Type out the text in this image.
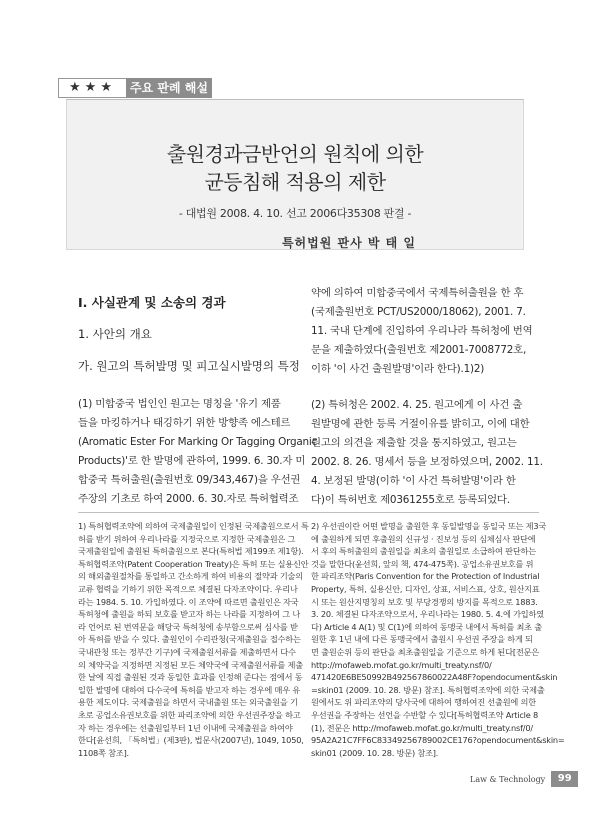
★★★	주요 판례 해설
출원경과금반언의 원칙에 의한
균등침해 적용의 제한
- 대법원 2008. 4. 10. 선고 2006다35308 판결 -
특허법원 판사 박 태 일
I. 사실관계 및 소송의 경과
1. 사안의 개요
가. 원고의 특허발명 및 피고실시발명의 특정
(1) 미합중국 법인인 원고는 명칭을 '유기 제품
들을 마킹하거나 태깅하기 위한 방향족 에스테르
(Aromatic Ester For Marking Or Tagging Organic
Products)'로 한 발명에 관하여, 1999. 6. 30.자 미
합중국 특허출원(출원번호 09/343,467)을 우선권
주장의 기초로 하여 2000. 6. 30.자로 특허협력조
약에 의하여 미합중국에서 국제특허출원을 한 후
(국제출원번호 PCT/US2000/18062), 2001. 7.
11. 국내 단계에 진입하여 우리나라 특허청에 번역
문을 제출하였다(출원번호 제2001-7008772호,
이하 '이 사건 출원발명'이라 한다).1)2)
(2) 특허청은 2002. 4. 25. 원고에게 이 사건 출
원발명에 관한 등록 거절이유를 밝히고, 이에 대한
원고의 의견을 제출할 것을 통지하였고, 원고는
2002. 8. 26. 명세서 등을 보정하였으며, 2002. 11.
4. 보정된 발명(이하 '이 사건 특허발명'이라 한
다)이 특허번호 제0361255호로 등록되었다.
1) 특허협력조약에 의하여 국제출원일이 인정된 국제출원으로서 특
허를 받기 위하여 우리나라를 지정국으로 지정한 국제출원은 그
국제출원일에 출원된 특허출원으로 본다(특허법 제199조 제1항).
특허협력조약(Patent Cooperation Treaty)은 특허 또는 실용신안
의 해외출원절차를 통일하고 간소하게 하여 비용의 절약과 기술의
교류 협력을 기하기 위한 목적으로 체결된 다자조약이다. 우리나
라는 1984. 5. 10. 가입하였다. 이 조약에 따르면 출원인은 자국
특허청에 출원을 하되 보호를 받고자 하는 나라를 지정하여 그 나
라 언어로 된 번역문을 해당국 특허청에 송부함으로써 심사를 받
아 특허를 받을 수 있다. 출원인이 수리관청(국제출원을 접수하는
국내관청 또는 정부간 기구)에 국제출원서류를 제출하면서 다수
의 체약국을 지정하면 지정된 모든 체약국에 국제출원서류를 제출
한 날에 직접 출원된 것과 동일한 효과를 인정해 준다는 점에서 동
일한 발명에 대하여 다수국에 특허를 받고자 하는 경우에 매우 유
용한 제도이다. 국제출원을 하면서 국내출원 또는 외국출원을 기
초로 공업소유권보호를 위한 파리조약에 의한 우선권주장을 하고
자 하는 경우에는 선출원일부터 1년 이내에 국제출원을 하여야
한다[윤선희, 「특허법」(제3판), 법문사(2007년), 1049, 1050,
1108쪽 참조].
2) 우선권이란 어떤 발명을 출원한 후 동일발명을 동일국 또는 제3국
에 출원하게 되면 후출원의 신규성 · 진보성 등의 심체심사 판단에
서 후의 특허출원의 출원일을 최초의 출원일로 소급하여 판단하는
것을 말한다(윤선희, 앞의 책, 474-475쪽). 공업소유권보호를 위
한 파리조약(Paris Convention for the Protection of Industrial
Property, 특허, 실용신안, 디자인, 상표, 서비스표, 상호, 원산지표
시 또는 원산지명칭의 보호 및 부당경쟁의 방지를 목적으로 1883.
3. 20. 체결된 다자조약으로서, 우리나라는 1980. 5. 4.에 가입하였
다) Article 4 A(1) 및 C(1)에 의하여 동맹국 내에서 특허를 최초 출
원한 후 1년 내에 다른 동맹국에서 출원시 우선권 주장을 하게 되
면 출원순위 등의 판단을 최초출원일을 기준으로 하게 된다[전문은
http://mofaweb.mofat.go.kr/multi_treaty.nsf/0/
471420E6BE50992B492567860022A48F?opendocument&skin
=skin01 (2009. 10. 28. 방문) 참조]. 특허협력조약에 의한 국제출
원에서도 위 파리조약의 당사국에 대하여 행하여진 선출원에 의한
우선권을 주장하는 선언을 수반할 수 있다[특허협력조약 Article 8
(1), 전문은 http://mofaweb.mofat.go.kr/multi_treaty.nsf/0/
95A2A21C7FF6C83349256789002CE176?opendocument&skin=
skin01 (2009. 10. 28. 방문) 참조].
Law & Technology	99
